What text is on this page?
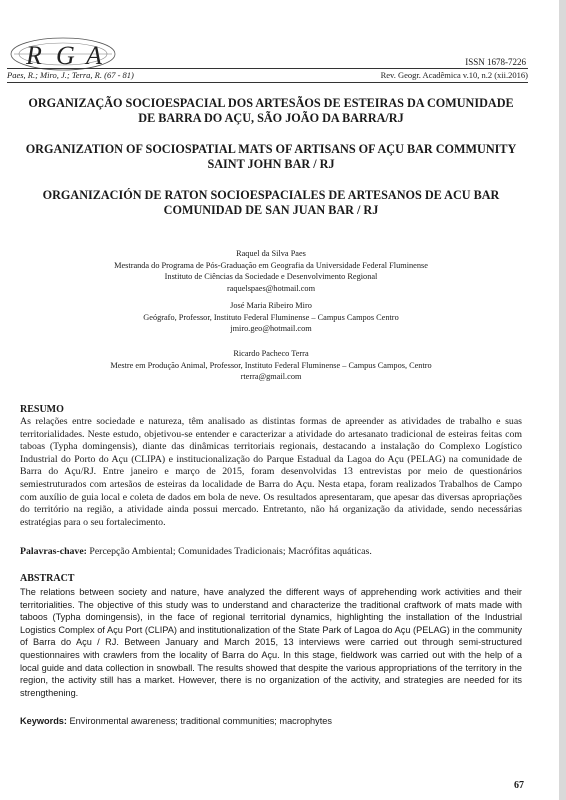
R G A	ISSN 1678-7226
Paes, R.; Miro, J.; Terra, R. (67 - 81)	Rev. Geogr. Acadêmica v.10, n.2 (xii.2016)
ORGANIZAÇÃO SOCIOESPACIAL DOS ARTESÃOS DE ESTEIRAS DA COMUNIDADE DE BARRA DO AÇU, SÃO JOÃO DA BARRA/RJ
ORGANIZATION OF SOCIOSPATIAL MATS OF ARTISANS OF AÇU BAR COMMUNITY SAINT JOHN BAR / RJ
ORGANIZACIÓN DE RATON SOCIOESPACIALES DE ARTESANOS DE ACU BAR COMUNIDAD DE SAN JUAN BAR / RJ
Raquel da Silva Paes
Mestranda do Programa de Pós-Graduação em Geografia da Universidade Federal Fluminense
Instituto de Ciências da Sociedade e Desenvolvimento Regional
raquelspaes@hotmail.com
José Maria Ribeiro Miro
Geógrafo, Professor, Instituto Federal Fluminense – Campus Campos Centro
jmiro.geo@hotmail.com
Ricardo Pacheco Terra
Mestre em Produção Animal, Professor, Instituto Federal Fluminense – Campus Campos, Centro
rterra@gmail.com
RESUMO
As relações entre sociedade e natureza, têm analisado as distintas formas de apreender as atividades de trabalho e suas territorialidades. Neste estudo, objetivou-se entender e caracterizar a atividade do artesanato tradicional de esteiras feitas com taboas (Typha domingensis), diante das dinâmicas territoriais regionais, destacando a instalação do Complexo Logístico Industrial do Porto do Açu (CLIPA) e institucionalização do Parque Estadual da Lagoa do Açu (PELAG) na comunidade de Barra do Açu/RJ. Entre janeiro e março de 2015, foram desenvolvidas 13 entrevistas por meio de questionários semiestruturados com artesãos de esteiras da localidade de Barra do Açu. Nesta etapa, foram realizados Trabalhos de Campo com auxílio de guia local e coleta de dados em bola de neve. Os resultados apresentaram, que apesar das diversas apropriações do território na região, a atividade ainda possui mercado. Entretanto, não há organização da atividade, sendo necessárias estratégias para o seu fortalecimento.
Palavras-chave: Percepção Ambiental; Comunidades Tradicionais; Macrófitas aquáticas.
ABSTRACT
The relations between society and nature, have analyzed the different ways of apprehending work activities and their territorialities. The objective of this study was to understand and characterize the traditional craftwork of mats made with taboos (Typha domingensis), in the face of regional territorial dynamics, highlighting the installation of the Industrial Logistics Complex of Açu Port (CLIPA) and institutionalization of the State Park of Lagoa do Açu (PELAG) in the community of Barra do Açu / RJ. Between January and March 2015, 13 interviews were carried out through semi-structured questionnaires with crawlers from the locality of Barra do Açu. In this stage, fieldwork was carried out with the help of a local guide and data collection in snowball. The results showed that despite the various appropriations of the territory in the region, the activity still has a market. However, there is no organization of the activity, and strategies are needed for its strengthening.
Keywords: Environmental awareness; traditional communities; macrophytes
67
